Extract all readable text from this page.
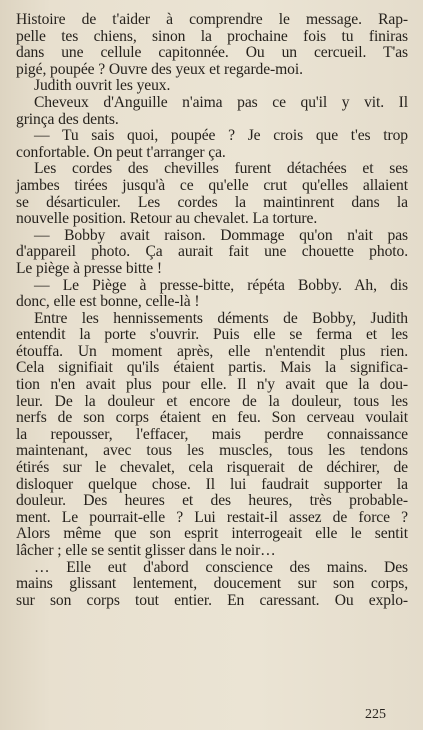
Histoire de t'aider à comprendre le message. Rap-
pelle tes chiens, sinon la prochaine fois tu finiras
dans une cellule capitonnée. Ou un cercueil. T'as
pigé, poupée ? Ouvre des yeux et regarde-moi.
Judith ouvrit les yeux.
Cheveux d'Anguille n'aima pas ce qu'il y vit. Il
grinça des dents.
— Tu sais quoi, poupée ? Je crois que t'es trop
confortable. On peut t'arranger ça.
Les cordes des chevilles furent détachées et ses
jambes tirées jusqu'à ce qu'elle crut qu'elles allaient
se désarticuler. Les cordes la maintinrent dans la
nouvelle position. Retour au chevalet. La torture.
— Bobby avait raison. Dommage qu'on n'ait pas
d'appareil photo. Ça aurait fait une chouette photo.
Le piège à presse bitte !
— Le Piège à presse-bitte, répéta Bobby. Ah, dis
donc, elle est bonne, celle-là !
Entre les hennissements déments de Bobby, Judith
entendit la porte s'ouvrir. Puis elle se ferma et les
étouffa. Un moment après, elle n'entendit plus rien.
Cela signifiait qu'ils étaient partis. Mais la significa-
tion n'en avait plus pour elle. Il n'y avait que la dou-
leur. De la douleur et encore de la douleur, tous les
nerfs de son corps étaient en feu. Son cerveau voulait
la repousser, l'effacer, mais perdre connaissance
maintenant, avec tous les muscles, tous les tendons
étirés sur le chevalet, cela risquerait de déchirer, de
disloquer quelque chose. Il lui faudrait supporter la
douleur. Des heures et des heures, très probable-
ment. Le pourrait-elle ? Lui restait-il assez de force ?
Alors même que son esprit interrogeait elle le sentit
lâcher ; elle se sentit glisser dans le noir…
… Elle eut d'abord conscience des mains. Des
mains glissant lentement, doucement sur son corps,
sur son corps tout entier. En caressant. Ou explo-
225
